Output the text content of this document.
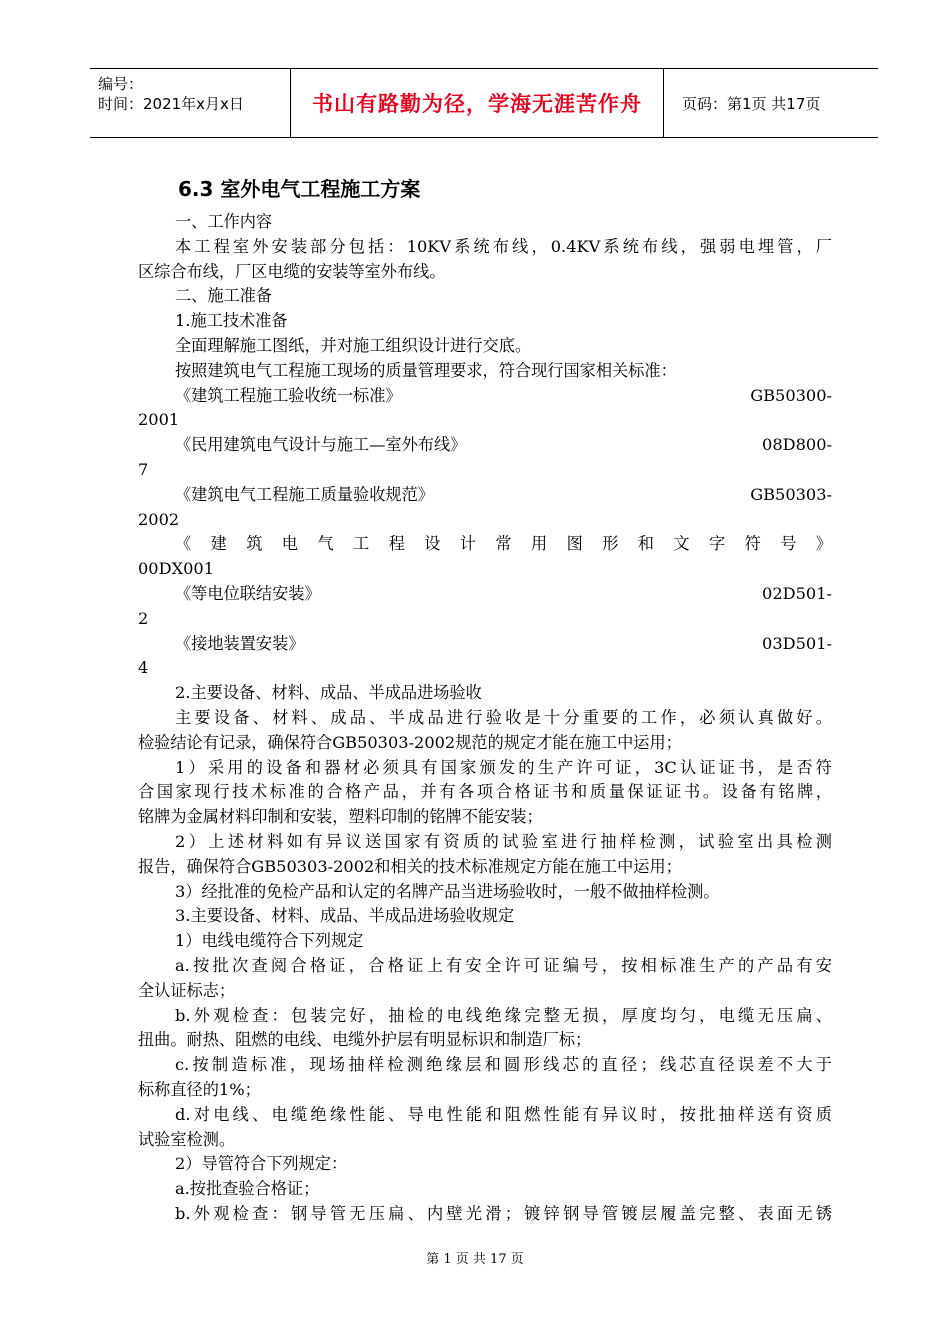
编号：
时间：2021年x月x日	书山有路勤为径，学海无涯苦作舟	页码：第1页 共17页
6.3 室外电气工程施工方案
一、工作内容
本工程室外安装部分包括：10KV系统布线，0.4KV系统布线，强弱电埋管，厂
区综合布线，厂区电缆的安装等室外布线。
二、施工准备
1.施工技术准备
全面理解施工图纸，并对施工组织设计进行交底。
按照建筑电气工程施工现场的质量管理要求，符合现行国家相关标准：
《建筑工程施工验收统一标准》	GB50300-
2001
《民用建筑电气设计与施工—室外布线》	08D800-
7
《建筑电气工程施工质量验收规范》	GB50303-
2002
《建筑电气工程设计常用图形和文字符号》
00DX001
《等电位联结安装》	02D501-
2
《接地装置安装》	03D501-
4
2.主要设备、材料、成品、半成品进场验收
主要设备、材料、成品、半成品进行验收是十分重要的工作，必须认真做好。
检验结论有记录，确保符合GB50303-2002规范的规定才能在施工中运用；
1）采用的设备和器材必须具有国家颁发的生产许可证，3C认证证书，是否符
合国家现行技术标准的合格产品，并有各项合格证书和质量保证证书。设备有铭牌，
铭牌为金属材料印制和安装，塑料印制的铭牌不能安装；
2）上述材料如有异议送国家有资质的试验室进行抽样检测，试验室出具检测
报告，确保符合GB50303-2002和相关的技术标准规定方能在施工中运用；
3）经批准的免检产品和认定的名牌产品当进场验收时，一般不做抽样检测。
3.主要设备、材料、成品、半成品进场验收规定
1）电线电缆符合下列规定
a.按批次查阅合格证，合格证上有安全许可证编号，按相标准生产的产品有安
全认证标志；
b.外观检查：包装完好，抽检的电线绝缘完整无损，厚度均匀，电缆无压扁、
扭曲。耐热、阻燃的电线、电缆外护层有明显标识和制造厂标；
c.按制造标准，现场抽样检测绝缘层和圆形线芯的直径；线芯直径误差不大于
标称直径的1%；
d.对电线、电缆绝缘性能、导电性能和阻燃性能有异议时，按批抽样送有资质
试验室检测。
2）导管符合下列规定：
a.按批查验合格证；
b.外观检查：钢导管无压扁、内壁光滑；镀锌钢导管镀层履盖完整、表面无锈
第 1 页 共 17 页
